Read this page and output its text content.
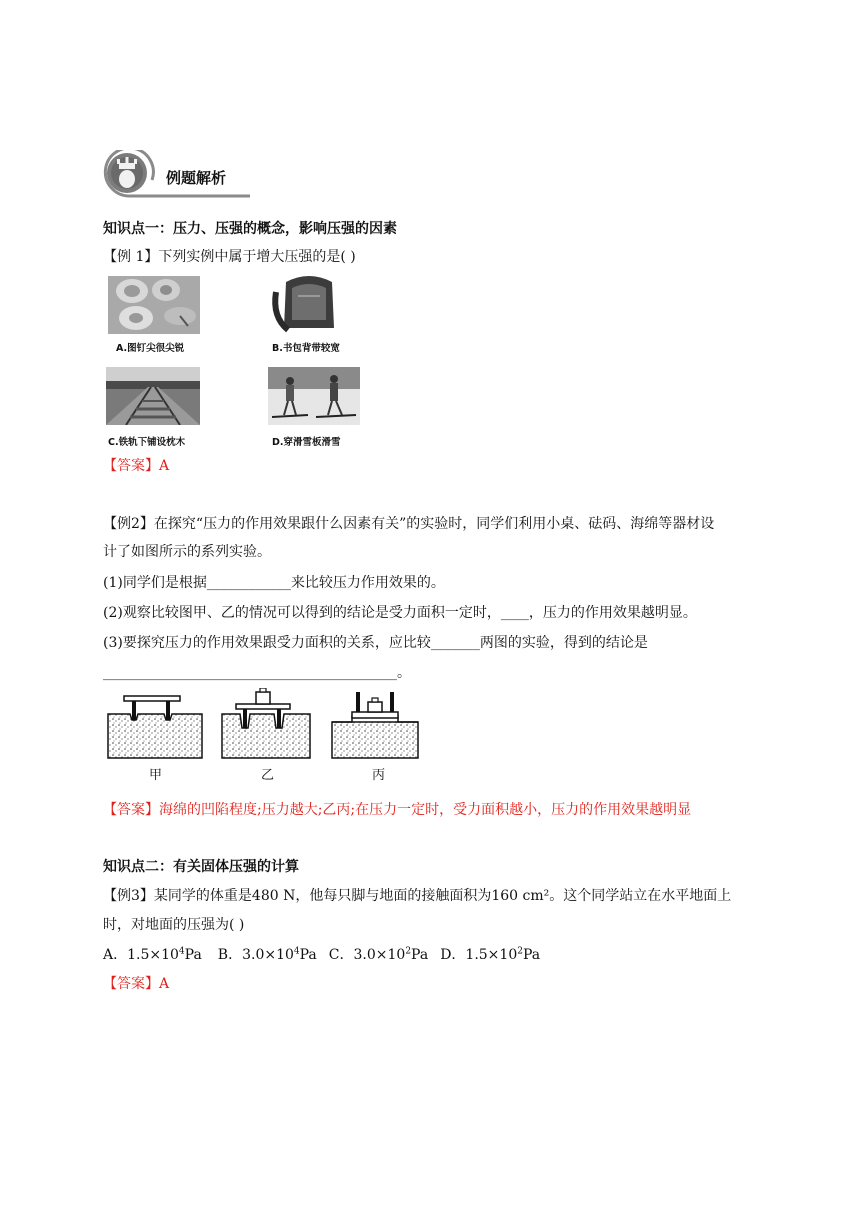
例题解析
知识点一：压力、压强的概念，影响压强的因素
【例 1】下列实例中属于增大压强的是( )
A.图钉尖很尖锐	B.书包背带较宽
C.铁轨下铺设枕木	D.穿滑雪板滑雪
【答案】A
【例2】在探究“压力的作用效果跟什么因素有关”的实验时，同学们利用小桌、砝码、海绵等器材设
计了如图所示的系列实验。
(1)同学们是根据____________来比较压力作用效果的。
(2)观察比较图甲、乙的情况可以得到的结论是受力面积一定时，____，压力的作用效果越明显。
(3)要探究压力的作用效果跟受力面积的关系，应比较_______两图的实验，得到的结论是
__________________________________________。
甲	乙	丙
【答案】海绵的凹陷程度;压力越大;乙丙;在压力一定时，受力面积越小，压力的作用效果越明显
知识点二：有关固体压强的计算
【例3】某同学的体重是480 N，他每只脚与地面的接触面积为160 cm²。这个同学站立在水平地面上
时，对地面的压强为( )
A．$1.5\times 10^4Pa$ B．$3.0\times 10^4Pa$ C．$3.0\times 10^2Pa$ D．$1.5\times 10^2Pa$
【答案】A
